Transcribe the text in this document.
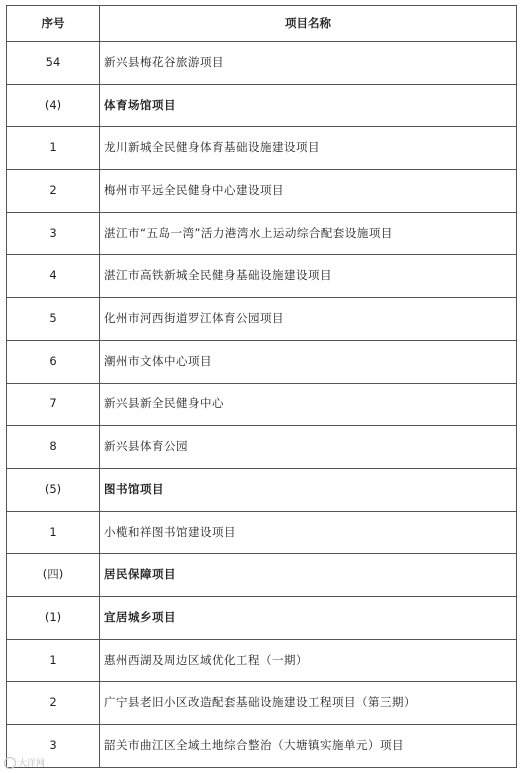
序号	项目名称
54	新兴县梅花谷旅游项目
(4)	体育场馆项目
1	龙川新城全民健身体育基础设施建设项目
2	梅州市平远全民健身中心建设项目
3	湛江市“五岛一湾”活力港湾水上运动综合配套设施项目
4	湛江市高铁新城全民健身基础设施建设项目
5	化州市河西街道罗江体育公园项目
6	潮州市文体中心项目
7	新兴县新全民健身中心
8	新兴县体育公园
(5)	图书馆项目
1	小榄和祥图书馆建设项目
(四)	居民保障项目
(1)	宜居城乡项目
1	惠州西湖及周边区域优化工程（一期）
2	广宁县老旧小区改造配套基础设施建设工程项目（第三期）
3	韶关市曲江区全域土地综合整治（大塘镇实施单元）项目
大洋网
